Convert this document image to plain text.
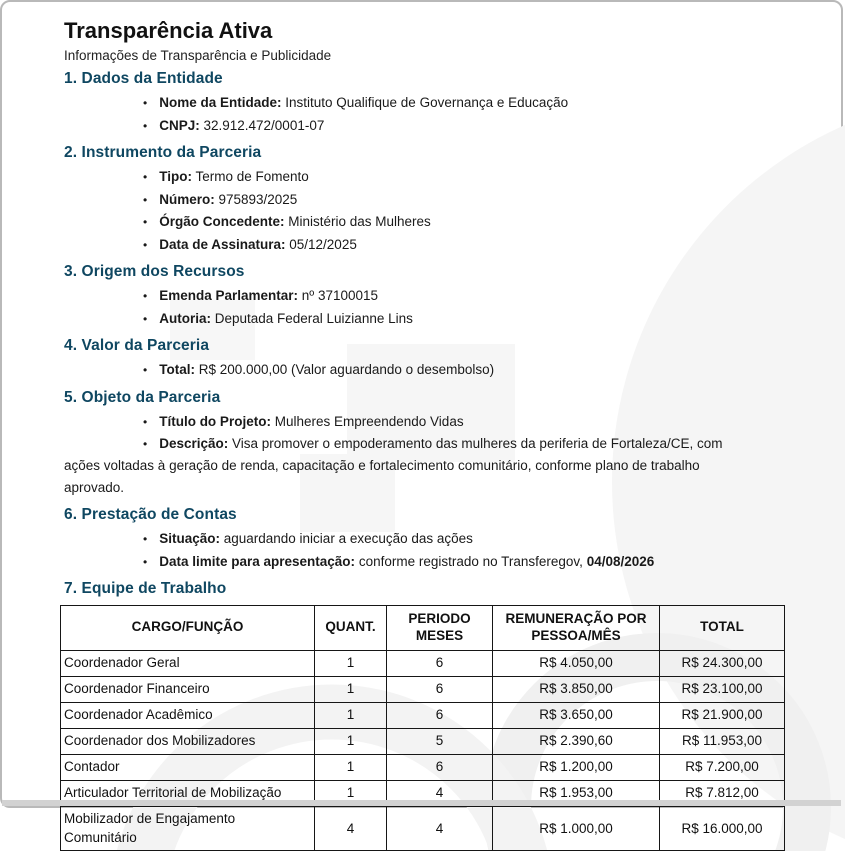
Transparência Ativa

Informações de Transparência e Publicidade

1. Dados da Entidade
• Nome da Entidade: Instituto Qualifique de Governança e Educação
• CNPJ: 32.912.472/0001-07
2. Instrumento da Parceria
• Tipo: Termo de Fomento
• Número: 975893/2025
• Órgão Concedente: Ministério das Mulheres
• Data de Assinatura: 05/12/2025
3. Origem dos Recursos
• Emenda Parlamentar: nº 37100015
• Autoria: Deputada Federal Luizianne Lins
4. Valor da Parceria
• Total: R$ 200.000,00 (Valor aguardando o desembolso)
5. Objeto da Parceria
• Título do Projeto: Mulheres Empreendendo Vidas
• Descrição: Visa promover o empoderamento das mulheres da periferia de Fortaleza/CE, com ações voltadas à geração de renda, capacitação e fortalecimento comunitário, conforme plano de trabalho aprovado.
6. Prestação de Contas
• Situação: aguardando iniciar a execução das ações
• Data limite para apresentação: conforme registrado no Transferegov, 04/08/2026
7. Equipe de Trabalho
CARGO/FUNÇÃO	QUANT.	PERIODO MESES	REMUNERAÇÃO POR PESSOA/MÊS	TOTAL
Coordenador Geral	1	6	R$ 4.050,00	R$ 24.300,00
Coordenador Financeiro	1	6	R$ 3.850,00	R$ 23.100,00
Coordenador Acadêmico	1	6	R$ 3.650,00	R$ 21.900,00
Coordenador dos Mobilizadores	1	5	R$ 2.390,60	R$ 11.953,00
Contador	1	6	R$ 1.200,00	R$ 7.200,00
Articulador Territorial de Mobilização	1	4	R$ 1.953,00	R$ 7.812,00
Mobilizador de Engajamento Comunitário	4	4	R$ 1.000,00	R$ 16.000,00
